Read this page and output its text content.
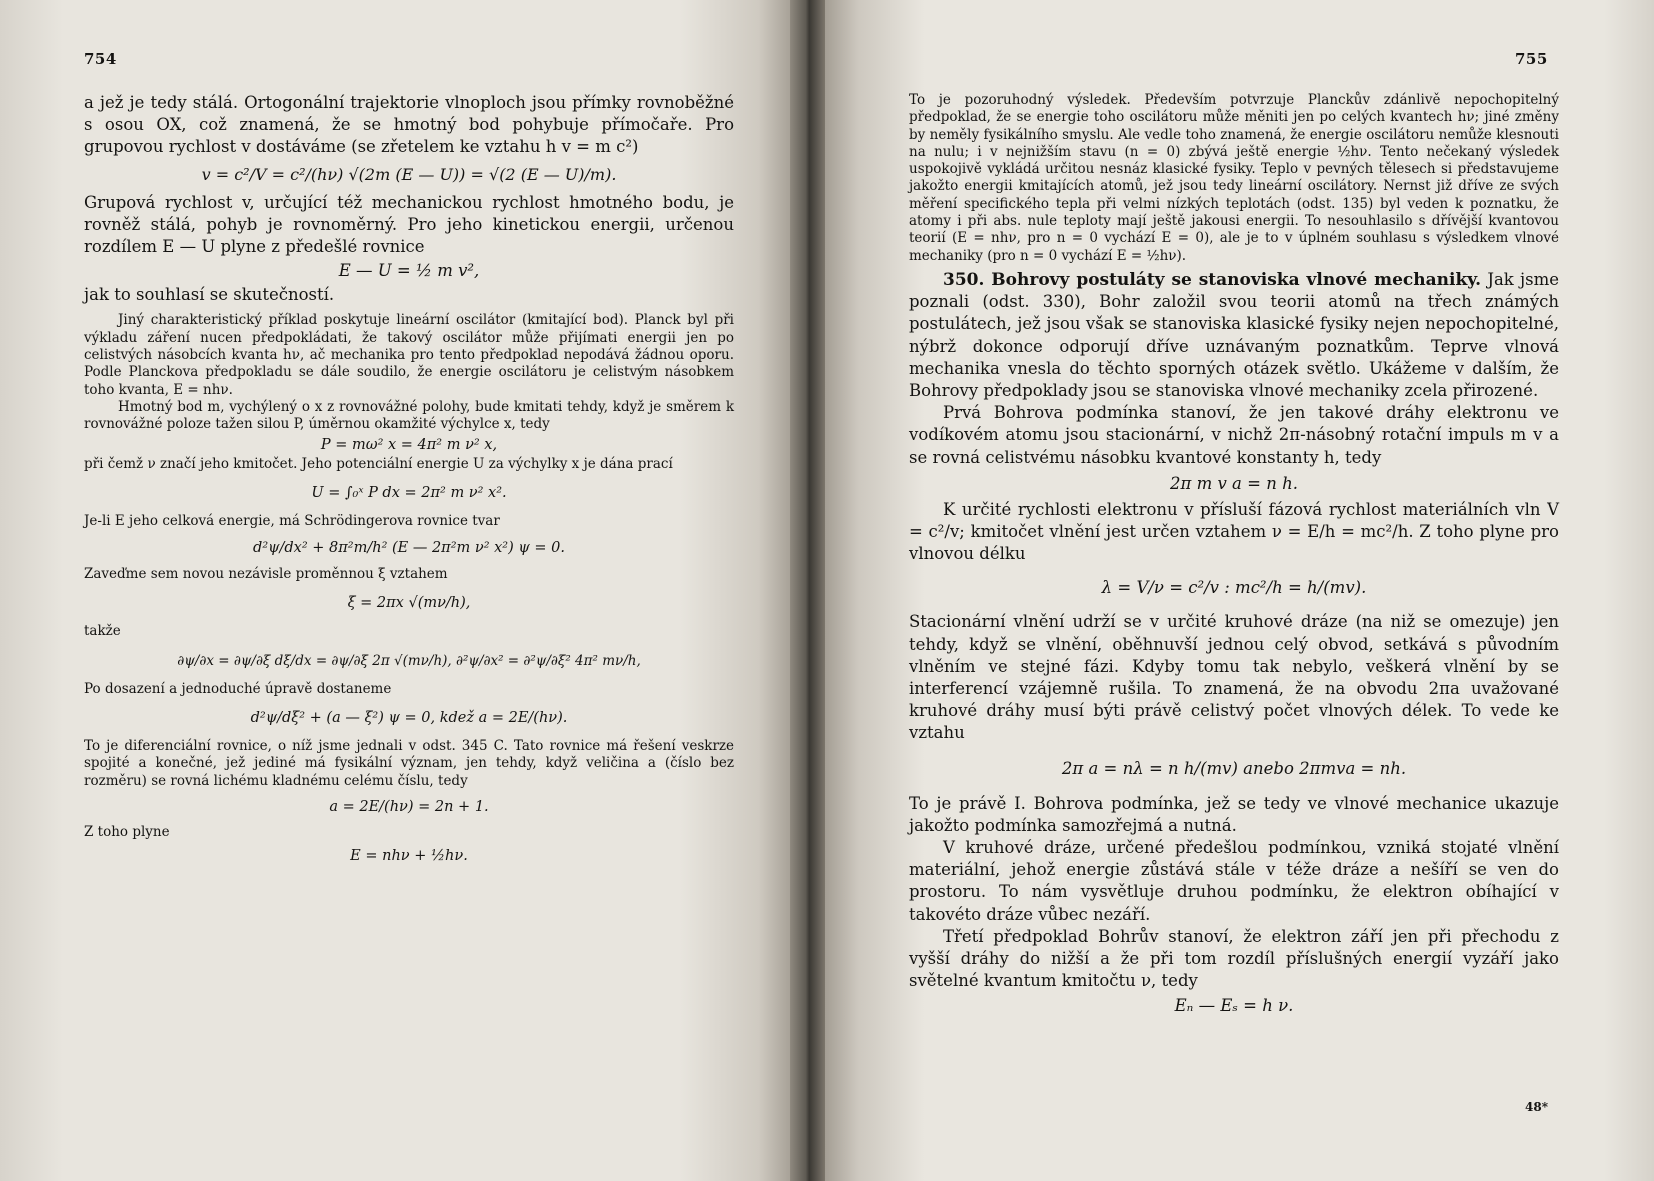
754

a jež je tedy stálá. Ortogonální trajektorie vlnoploch jsou přímky rovnoběžné s osou OX, což znamená, že se hmotný bod pohybuje přímočaře. Pro grupovou rychlost v dostáváme (se zřetelem ke vztahu h v = m c²)

v = c²/V = c²/(hν) √(2m (E — U)) = √(2 (E — U)/m).

Grupová rychlost v, určující též mechanickou rychlost hmotného bodu, je rovněž stálá, pohyb je rovnoměrný. Pro jeho kinetickou energii, určenou rozdílem E — U plyne z předešlé rovnice

E — U = ½ m v²,

jak to souhlasí se skutečností.

Jiný charakteristický příklad poskytuje lineární oscilátor (kmitající bod). Planck byl při výkladu záření nucen předpokládati, že takový oscilátor může přijímati energii jen po celistvých násobcích kvanta hν, ač mechanika pro tento předpoklad nepodává žádnou oporu. Podle Planckova předpokladu se dále soudilo, že energie oscilátoru je celistvým násobkem toho kvanta, E = nhν.

Hmotný bod m, vychýlený o x z rovnovážné polohy, bude kmitati tehdy, když je směrem k rovnovážné poloze tažen silou P, úměrnou okamžité výchylce x, tedy

P = mω² x = 4π² m ν² x,

při čemž ν značí jeho kmitočet. Jeho potenciální energie U za výchylky x je dána prací

U = ∫₀ˣ P dx = 2π² m ν² x².

Je-li E jeho celková energie, má Schrödingerova rovnice tvar

d²ψ/dx² + 8π²m/h² (E — 2π²m ν² x²) ψ = 0.

Zaveďme sem novou nezávisle proměnnou ξ vztahem

ξ = 2πx √(mν/h),

takže

∂ψ/∂x = ∂ψ/∂ξ dξ/dx = ∂ψ/∂ξ 2π √(mν/h), ∂²ψ/∂x² = ∂²ψ/∂ξ² 4π² mν/h,

Po dosazení a jednoduché úpravě dostaneme

d²ψ/dξ² + (a — ξ²) ψ = 0, kdež a = 2E/(hν).

To je diferenciální rovnice, o níž jsme jednali v odst. 345 C. Tato rovnice má řešení veskrze spojité a konečné, jež jediné má fysikální význam, jen tehdy, když veličina a (číslo bez rozměru) se rovná lichému kladnému celému číslu, tedy

a = 2E/(hν) = 2n + 1.

Z toho plyne

E = nhν + ½hν.
755

To je pozoruhodný výsledek. Především potvrzuje Planckův zdánlivě nepochopitelný předpoklad, že se energie toho oscilátoru může měniti jen po celých kvantech hν; jiné změny by neměly fysikálního smyslu. Ale vedle toho znamená, že energie oscilátoru nemůže klesnouti na nulu; i v nejnižším stavu (n = 0) zbývá ještě energie ½hν. Tento nečekaný výsledek uspokojivě vykládá určitou nesnáz klasické fysiky. Teplo v pevných tělesech si představujeme jakožto energii kmitajících atomů, jež jsou tedy lineární oscilátory. Nernst již dříve ze svých měření specifického tepla při velmi nízkých teplotách (odst. 135) byl veden k poznatku, že atomy i při abs. nule teploty mají ještě jakousi energii. To nesouhlasilo s dřívější kvantovou teorií (E = nhν, pro n = 0 vychází E = 0), ale je to v úplném souhlasu s výsledkem vlnové mechaniky (pro n = 0 vychází E = ½hν).

350. Bohrovy postuláty se stanoviska vlnové mechaniky. Jak jsme poznali (odst. 330), Bohr založil svou teorii atomů na třech známých postulátech, jež jsou však se stanoviska klasické fysiky nejen nepochopitelné, nýbrž dokonce odporují dříve uznávaným poznatkům. Teprve vlnová mechanika vnesla do těchto sporných otázek světlo. Ukážeme v dalším, že Bohrovy předpoklady jsou se stanoviska vlnové mechaniky zcela přirozené.

Prvá Bohrova podmínka stanoví, že jen takové dráhy elektronu ve vodíkovém atomu jsou stacionární, v nichž 2π-násobný rotační impuls m v a se rovná celistvému násobku kvantové konstanty h, tedy

2π m v a = n h.

K určité rychlosti elektronu v přísluší fázová rychlost materiálních vln V = c²/v; kmitočet vlnění jest určen vztahem ν = E/h = mc²/h. Z toho plyne pro vlnovou délku

λ = V/ν = c²/v : mc²/h = h/(mv).

Stacionární vlnění udrží se v určité kruhové dráze (na niž se omezuje) jen tehdy, když se vlnění, oběhnuvší jednou celý obvod, setkává s původním vlněním ve stejné fázi. Kdyby tomu tak nebylo, veškerá vlnění by se interferencí vzájemně rušila. To znamená, že na obvodu 2πa uvažované kruhové dráhy musí býti právě celistvý počet vlnových délek. To vede ke vztahu

2π a = nλ = n h/(mv) anebo 2πmva = nh.

To je právě I. Bohrova podmínka, jež se tedy ve vlnové mechanice ukazuje jakožto podmínka samozřejmá a nutná.

V kruhové dráze, určené předešlou podmínkou, vzniká stojaté vlnění materiální, jehož energie zůstává stále v téže dráze a nešíří se ven do prostoru. To nám vysvětluje druhou podmínku, že elektron obíhající v takovéto dráze vůbec nezáří.

Třetí předpoklad Bohrův stanoví, že elektron září jen při přechodu z vyšší dráhy do nižší a že při tom rozdíl příslušných energií vyzáří jako světelné kvantum kmitočtu ν, tedy

Eₙ — Eₛ = h ν.
48*
